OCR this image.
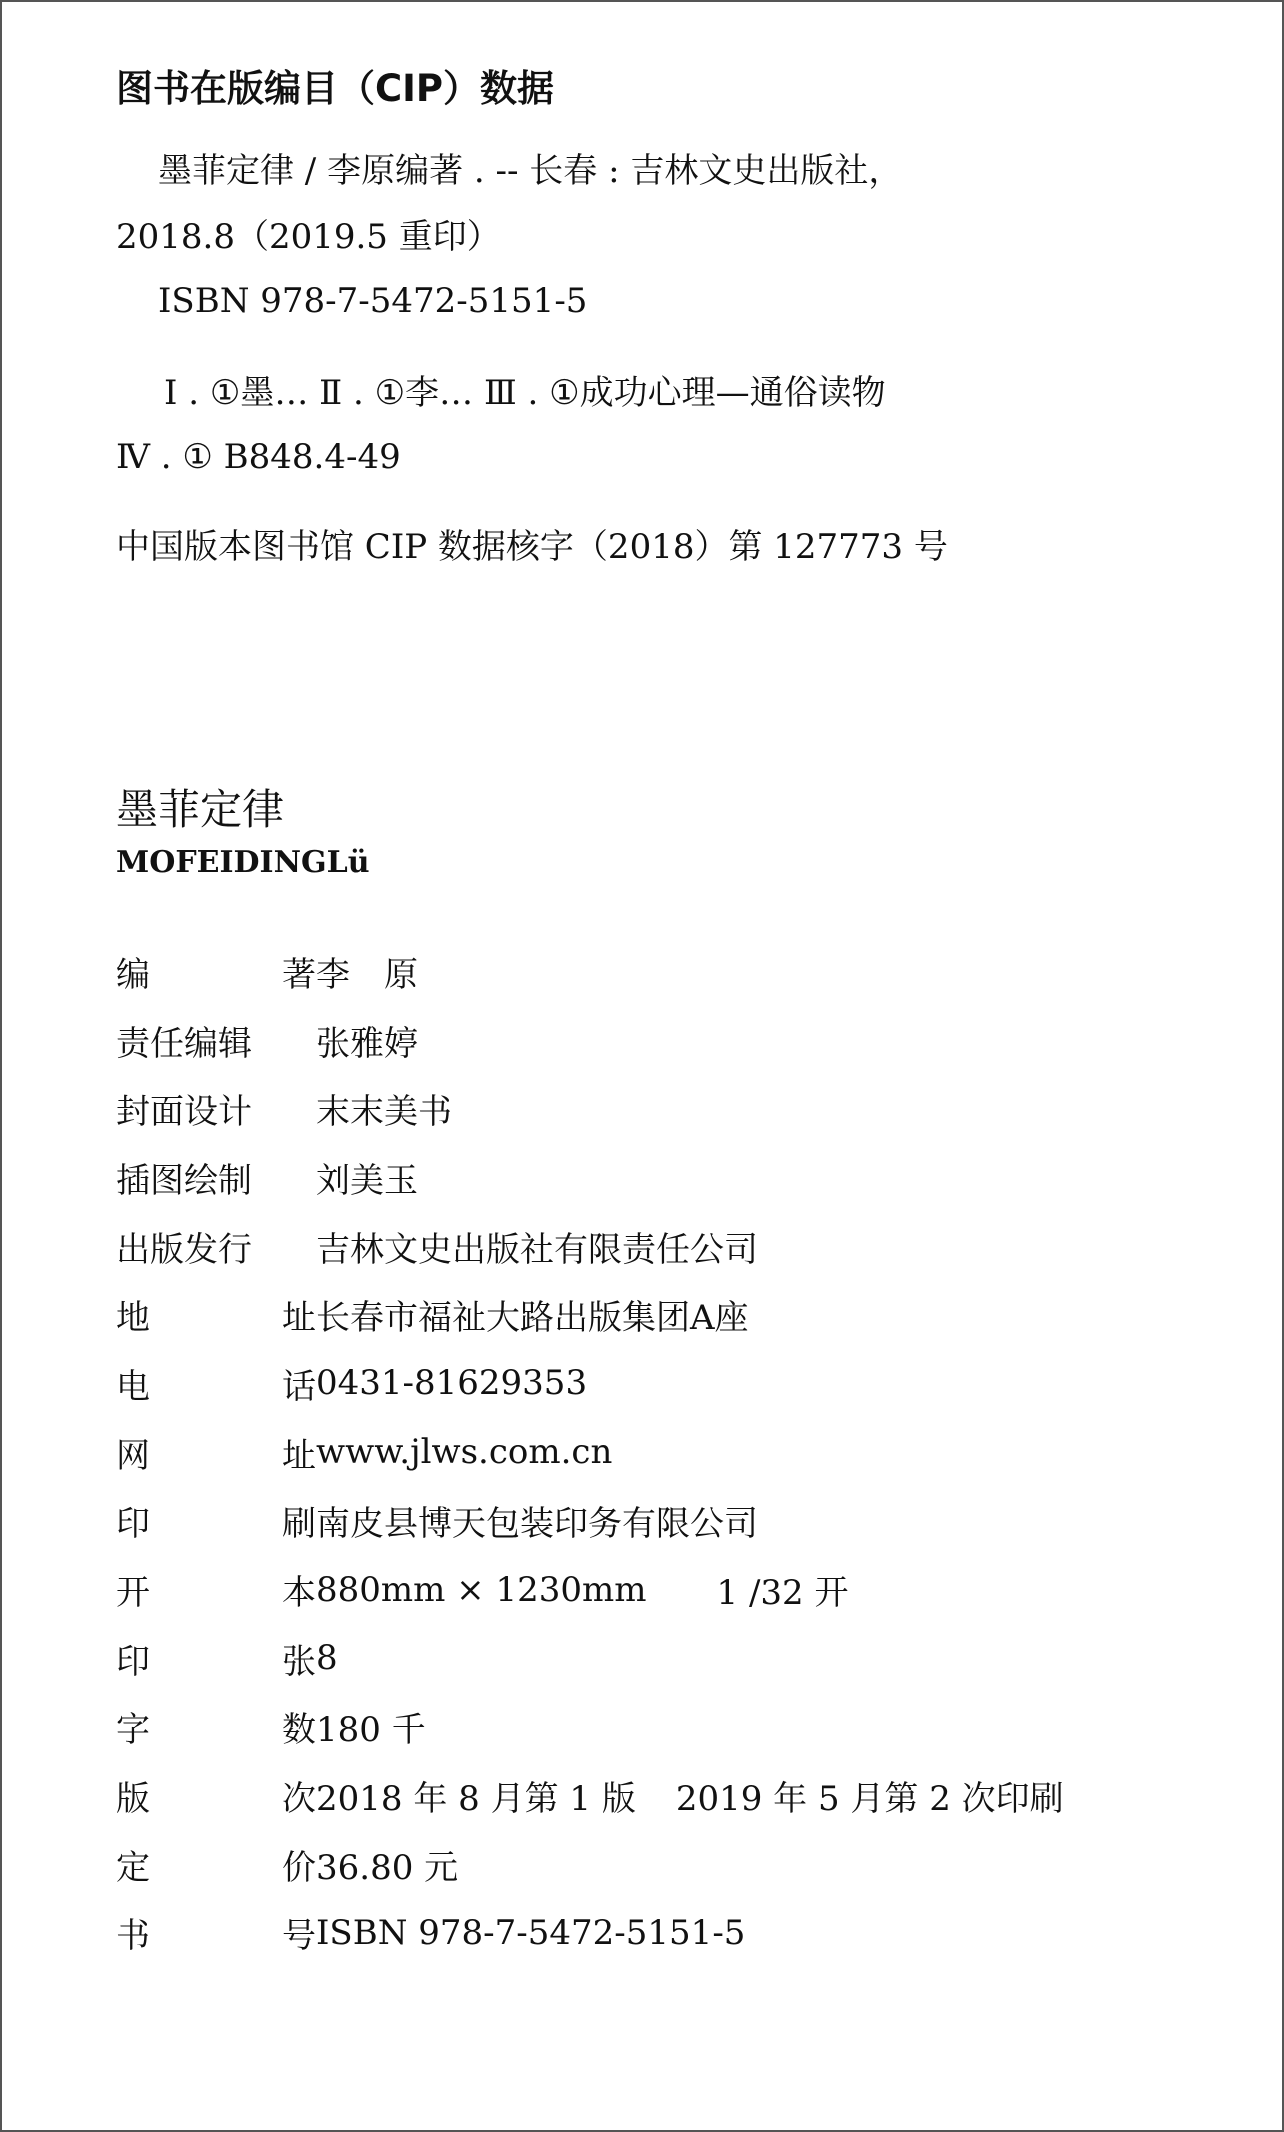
图书在版编目（CIP）数据
墨菲定律 / 李原编著 . -- 长春 : 吉林文史出版社，
2018.8（2019.5 重印）
ISBN 978-7-5472-5151-5
Ⅰ . ①墨… Ⅱ . ①李… Ⅲ . ①成功心理—通俗读物
Ⅳ . ① B848.4-49
中国版本图书馆 CIP 数据核字（2018）第 127773 号
墨菲定律
MOFEIDINGLü
编	著 李　原
责任编辑 张雅婷
封面设计 末末美书
插图绘制 刘美玉
出版发行 吉林文史出版社有限责任公司
地	址 长春市福祉大路出版集团A座
电	话 0431-81629353
网	址 www.jlws.com.cn
印	刷 南皮县博天包装印务有限公司
开	本 880mm × 1230mm 1 /32 开
印	张 8
字	数 180 千
版	次 2018 年 8 月第 1 版 2019 年 5 月第 2 次印刷
定	价 36.80 元
书	号 ISBN 978-7-5472-5151-5
